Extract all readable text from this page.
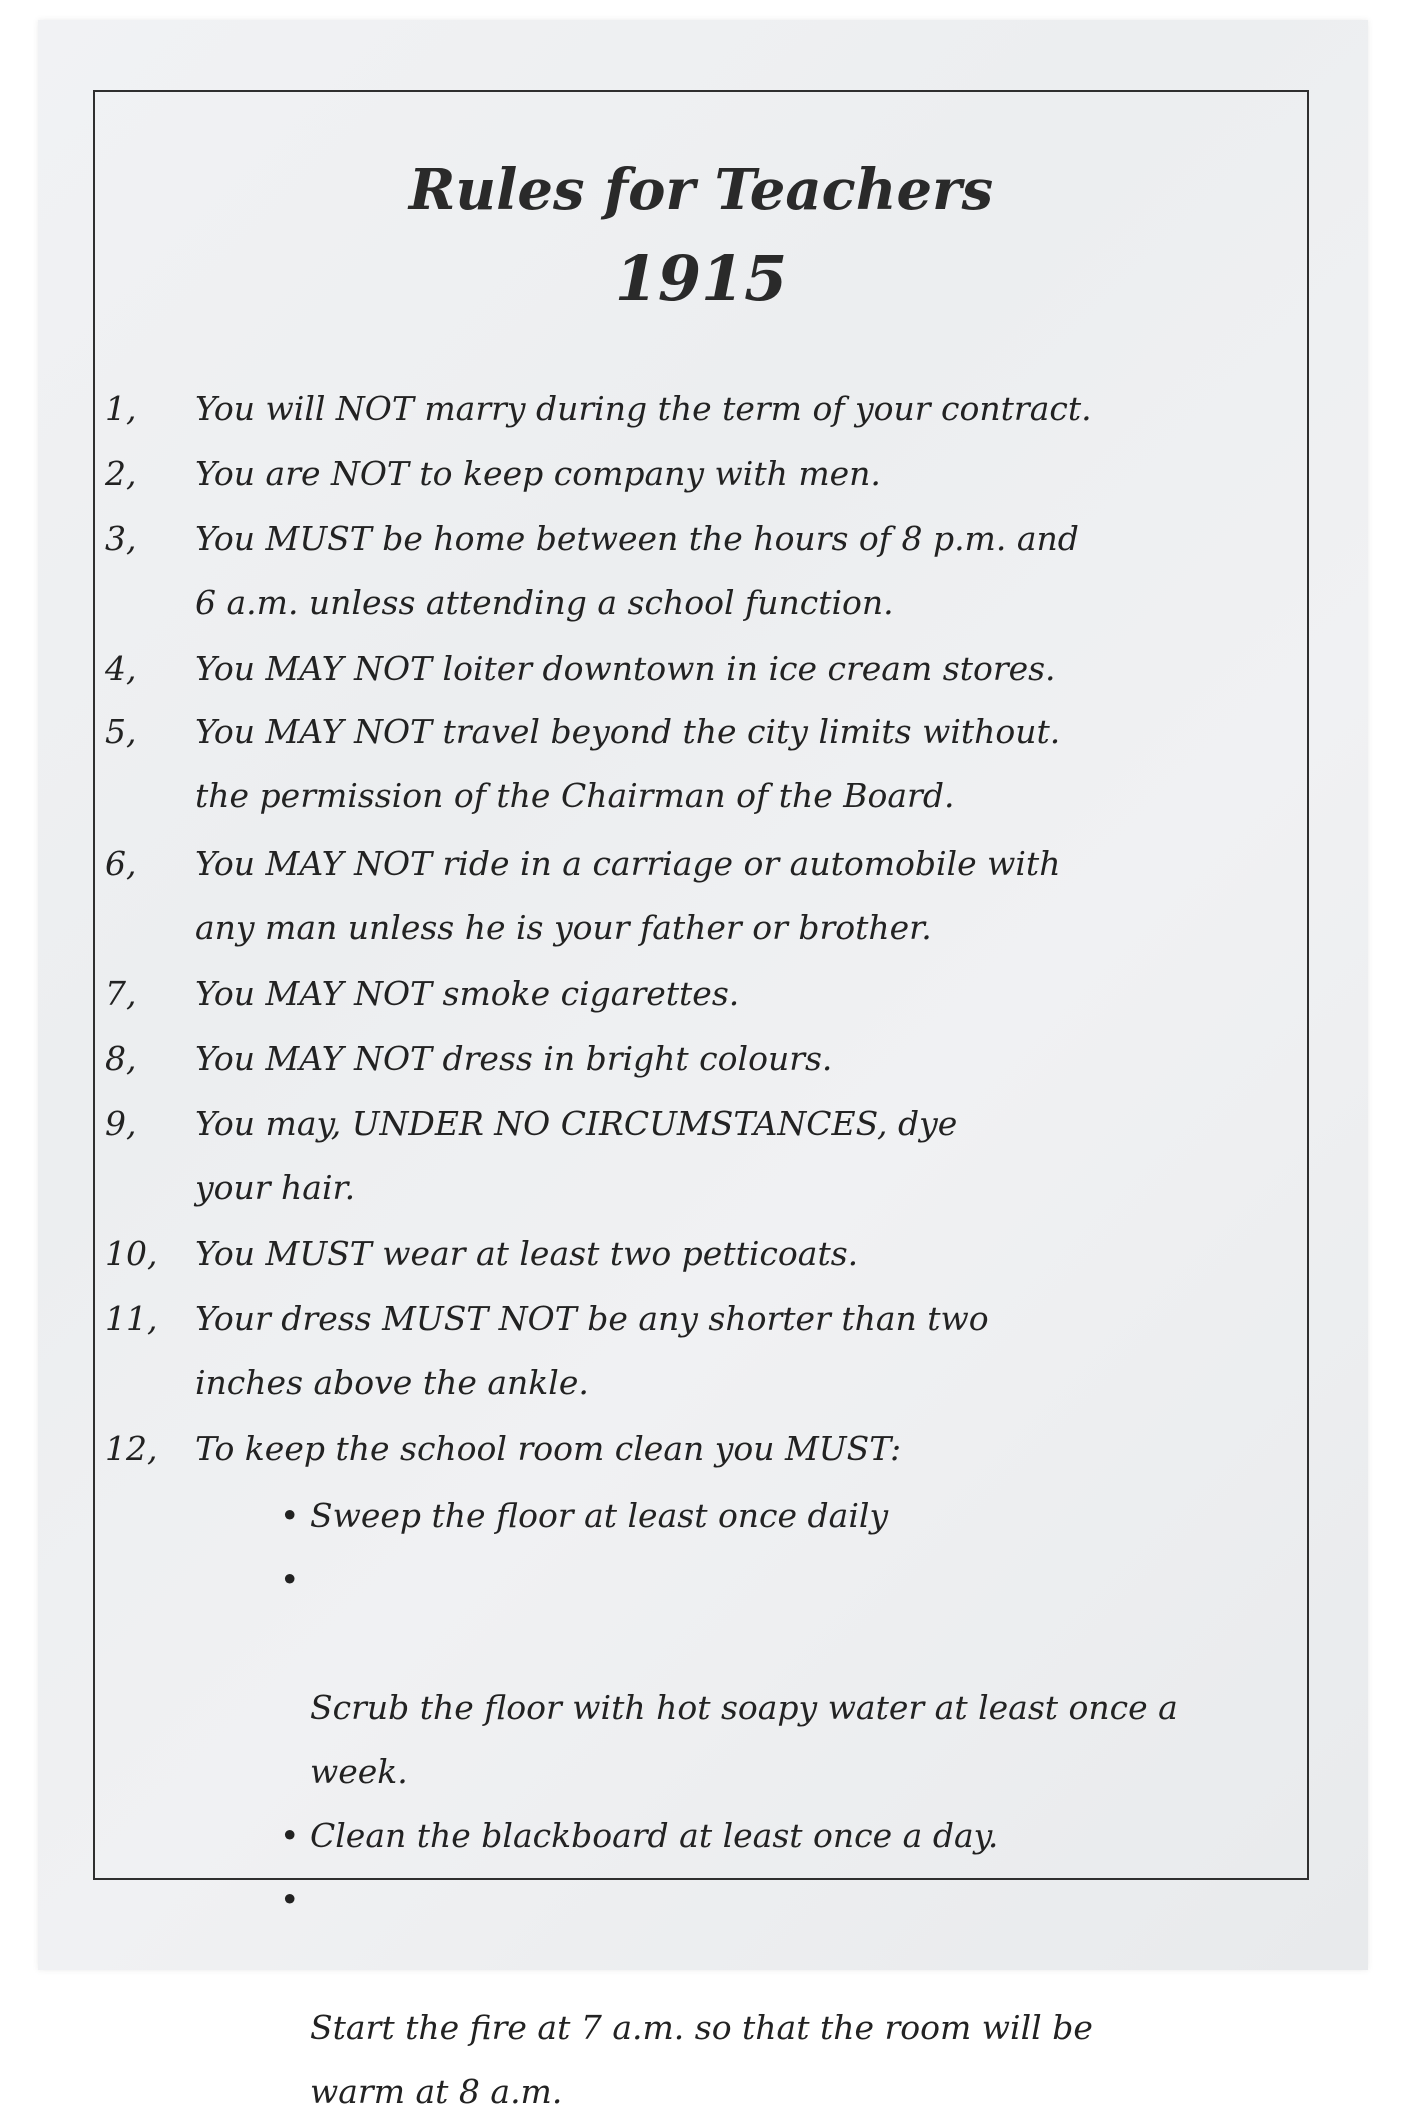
Rules for Teachers
1915
1,	You will NOT marry during the term of your contract.
2,	You are NOT to keep company with men.
3,	You MUST be home between the hours of 8 p.m. and
6 a.m. unless attending a school function.
4,	You MAY NOT loiter downtown in ice cream stores.
5,	You MAY NOT travel beyond the city limits without.
the permission of the Chairman of the Board.
6,	You MAY NOT ride in a carriage or automobile with
any man unless he is your father or brother.
7,	You MAY NOT smoke cigarettes.
8,	You MAY NOT dress in bright colours.
9,	You may, UNDER NO CIRCUMSTANCES, dye
your hair.
10,	You MUST wear at least two petticoats.
11,	Your dress MUST NOT be any shorter than two
inches above the ankle.
12,	To keep the school room clean you MUST:
• Sweep the floor at least once daily

•

Scrub the floor with hot soapy water at least once a
week.

• Clean the blackboard at least once a day.

•

Start the fire at 7 a.m. so that the room will be
warm at 8 a.m.
